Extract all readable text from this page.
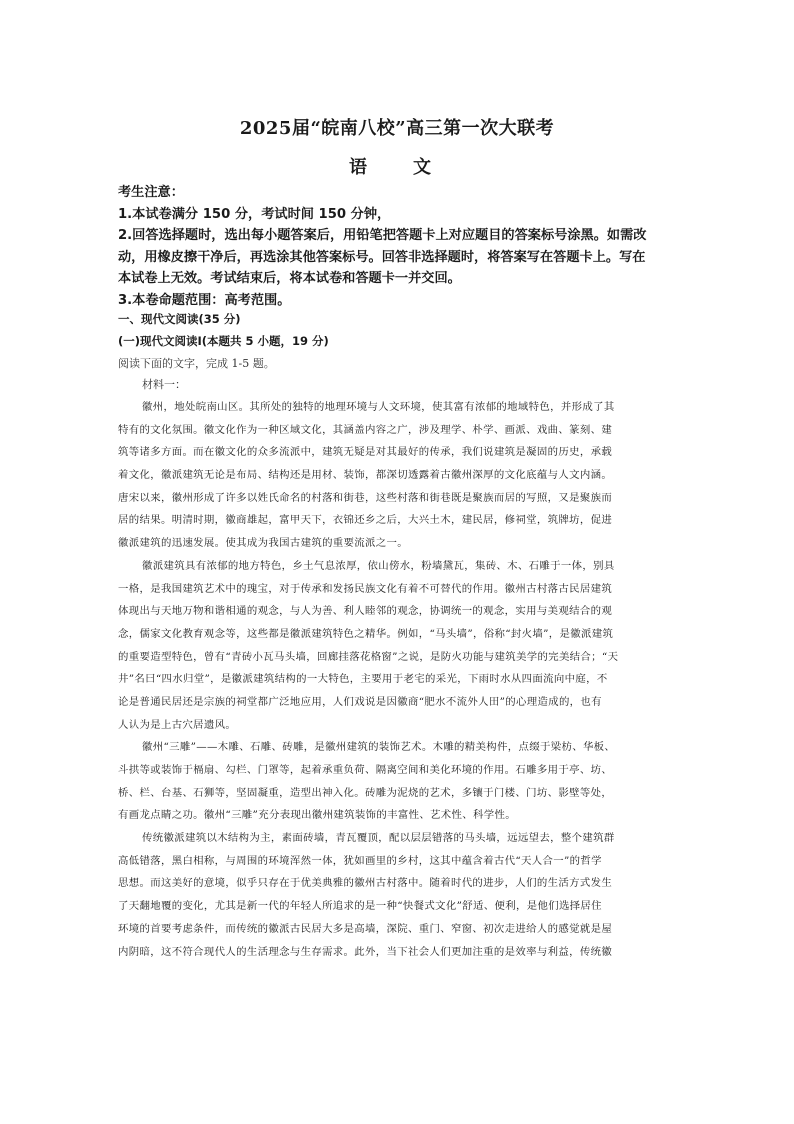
2025届“皖南八校”高三第一次大联考
语　文
考生注意：
1.本试卷满分 150 分，考试时间 150 分钟，
2.回答选择题时，选出每小题答案后，用铅笔把答题卡上对应题目的答案标号涂黑。如需改
动，用橡皮擦干净后，再选涂其他答案标号。回答非选择题时，将答案写在答题卡上。写在
本试卷上无效。考试结束后，将本试卷和答题卡一并交回。
3.本卷命题范围：高考范围。
一、现代文阅读(35 分)
(一)现代文阅读Ⅰ(本题共 5 小题，19 分)
阅读下面的文字，完成 1-5 题。
材料一：
徽州，地处皖南山区。其所处的独特的地理环境与人文环境，使其富有浓郁的地域特色，并形成了其
特有的文化氛围。徽文化作为一种区域文化，其涵盖内容之广，涉及理学、朴学、画派、戏曲、篆刻、建
筑等诸多方面。而在徽文化的众多流派中，建筑无疑是对其最好的传承，我们说建筑是凝固的历史，承载
着文化，徽派建筑无论是布局、结构还是用材、装饰，都深切透露着古徽州深厚的文化底蕴与人文内涵。
唐宋以来，徽州形成了许多以姓氏命名的村落和街巷，这些村落和街巷既是聚族而居的写照，又是聚族而
居的结果。明清时期，徽商雄起，富甲天下，衣锦还乡之后，大兴土木，建民居，修祠堂，筑牌坊，促进
徽派建筑的迅速发展。使其成为我国古建筑的重要流派之一。
徽派建筑具有浓郁的地方特色，乡土气息浓厚，依山傍水，粉墙黛瓦，集砖、木、石雕于一体，别具
一格，是我国建筑艺术中的瑰宝，对于传承和发扬民族文化有着不可替代的作用。徽州古村落古民居建筑
体现出与天地万物和谐相通的观念，与人为善、利人睦邻的观念，协调统一的观念，实用与美观结合的观
念，儒家文化教育观念等，这些都是徽派建筑特色之精华。例如，“马头墙”，俗称“封火墙”，是徽派建筑
的重要造型特色，曾有“青砖小瓦马头墙，回廊挂落花格窗”之说，是防火功能与建筑美学的完美结合；“天
井”名曰“四水归堂”，是徽派建筑结构的一大特色，主要用于老宅的采光，下雨时水从四面流向中庭，不
论是普通民居还是宗族的祠堂都广泛地应用，人们戏说是因徽商“肥水不流外人田”的心理造成的，也有
人认为是上古穴居遗风。
徽州“三雕”——木雕、石雕、砖雕，是徽州建筑的装饰艺术。木雕的精美构件，点缀于梁枋、华板、
斗拱等或装饰于槅扇、勾栏、门罩等，起着承重负荷、隔离空间和美化环境的作用。石雕多用于亭、坊、
桥、栏、台基、石狮等，坚固凝重，造型出神入化。砖雕为泥烧的艺术，多镶于门楼、门坊、影壁等处，
有画龙点睛之功。徽州“三雕”充分表现出徽州建筑装饰的丰富性、艺术性、科学性。
传统徽派建筑以木结构为主，素面砖墙，青瓦覆顶，配以层层错落的马头墙，远远望去，整个建筑群
高低错落，黑白相称，与周围的环境浑然一体，犹如画里的乡村，这其中蕴含着古代“天人合一”的哲学
思想。而这美好的意境，似乎只存在于优美典雅的徽州古村落中。随着时代的进步，人们的生活方式发生
了天翻地覆的变化，尤其是新一代的年轻人所追求的是一种“快餐式文化”舒适、便利，是他们选择居住
环境的首要考虑条件，而传统的徽派古民居大多是高墙，深院、重门、窄窗、初次走进给人的感觉就是屋
内阴暗，这不符合现代人的生活理念与生存需求。此外，当下社会人们更加注重的是效率与利益，传统徽
